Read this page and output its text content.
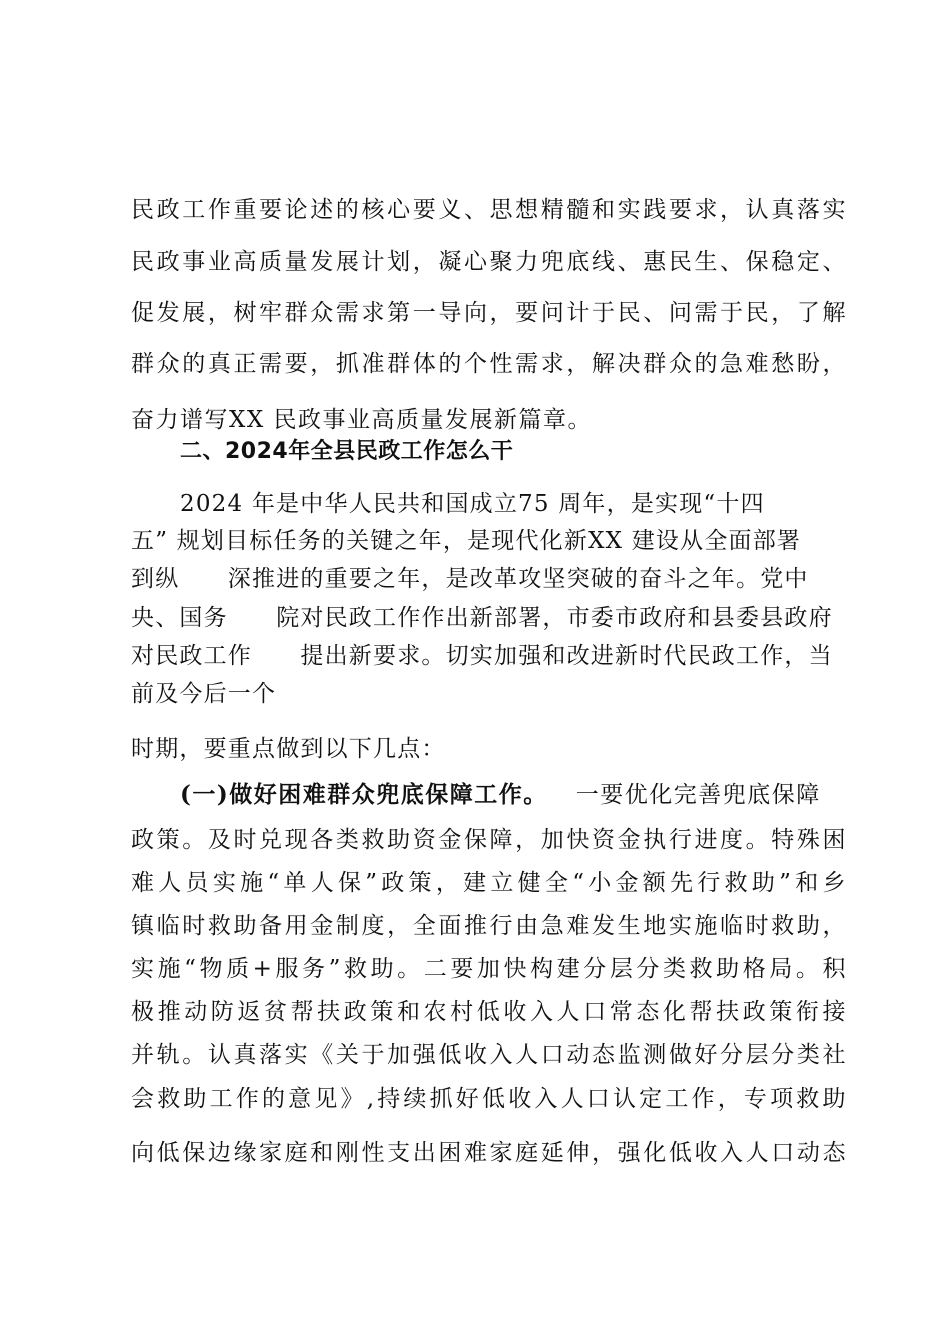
民政工作重要论述的核心要义、思想精髓和实践要求，认真落实
民政事业高质量发展计划，凝心聚力兜底线、惠民生、保稳定、
促发展，树牢群众需求第一导向，要问计于民、问需于民，了解
群众的真正需要，抓准群体的个性需求，解决群众的急难愁盼，
奋力谱写XX 民政事业高质量发展新篇章。
二、2024年全县民政工作怎么干
2024 年是中华人民共和国成立75 周年，是实现“十四
五” 规划目标任务的关键之年，是现代化新XX 建设从全面部署
到纵　　深推进的重要之年，是改革攻坚突破的奋斗之年。党中
央、国务　　院对民政工作作出新部署，市委市政府和县委县政府
对民政工作　　提出新要求。切实加强和改进新时代民政工作，当
前及今后一个
时期，要重点做到以下几点：
(一)做好困难群众兜底保障工作。 一要优化完善兜底保障
政策。及时兑现各类救助资金保障，加快资金执行进度。特殊困
难人员实施“单人保”政策，建立健全“小金额先行救助”和乡
镇临时救助备用金制度，全面推行由急难发生地实施临时救助，
实施“物质+服务”救助。二要加快构建分层分类救助格局。积
极推动防返贫帮扶政策和农村低收入人口常态化帮扶政策衔接
并轨。认真落实《关于加强低收入人口动态监测做好分层分类社
会救助工作的意见》,持续抓好低收入人口认定工作，专项救助
向低保边缘家庭和刚性支出困难家庭延伸，强化低收入人口动态
